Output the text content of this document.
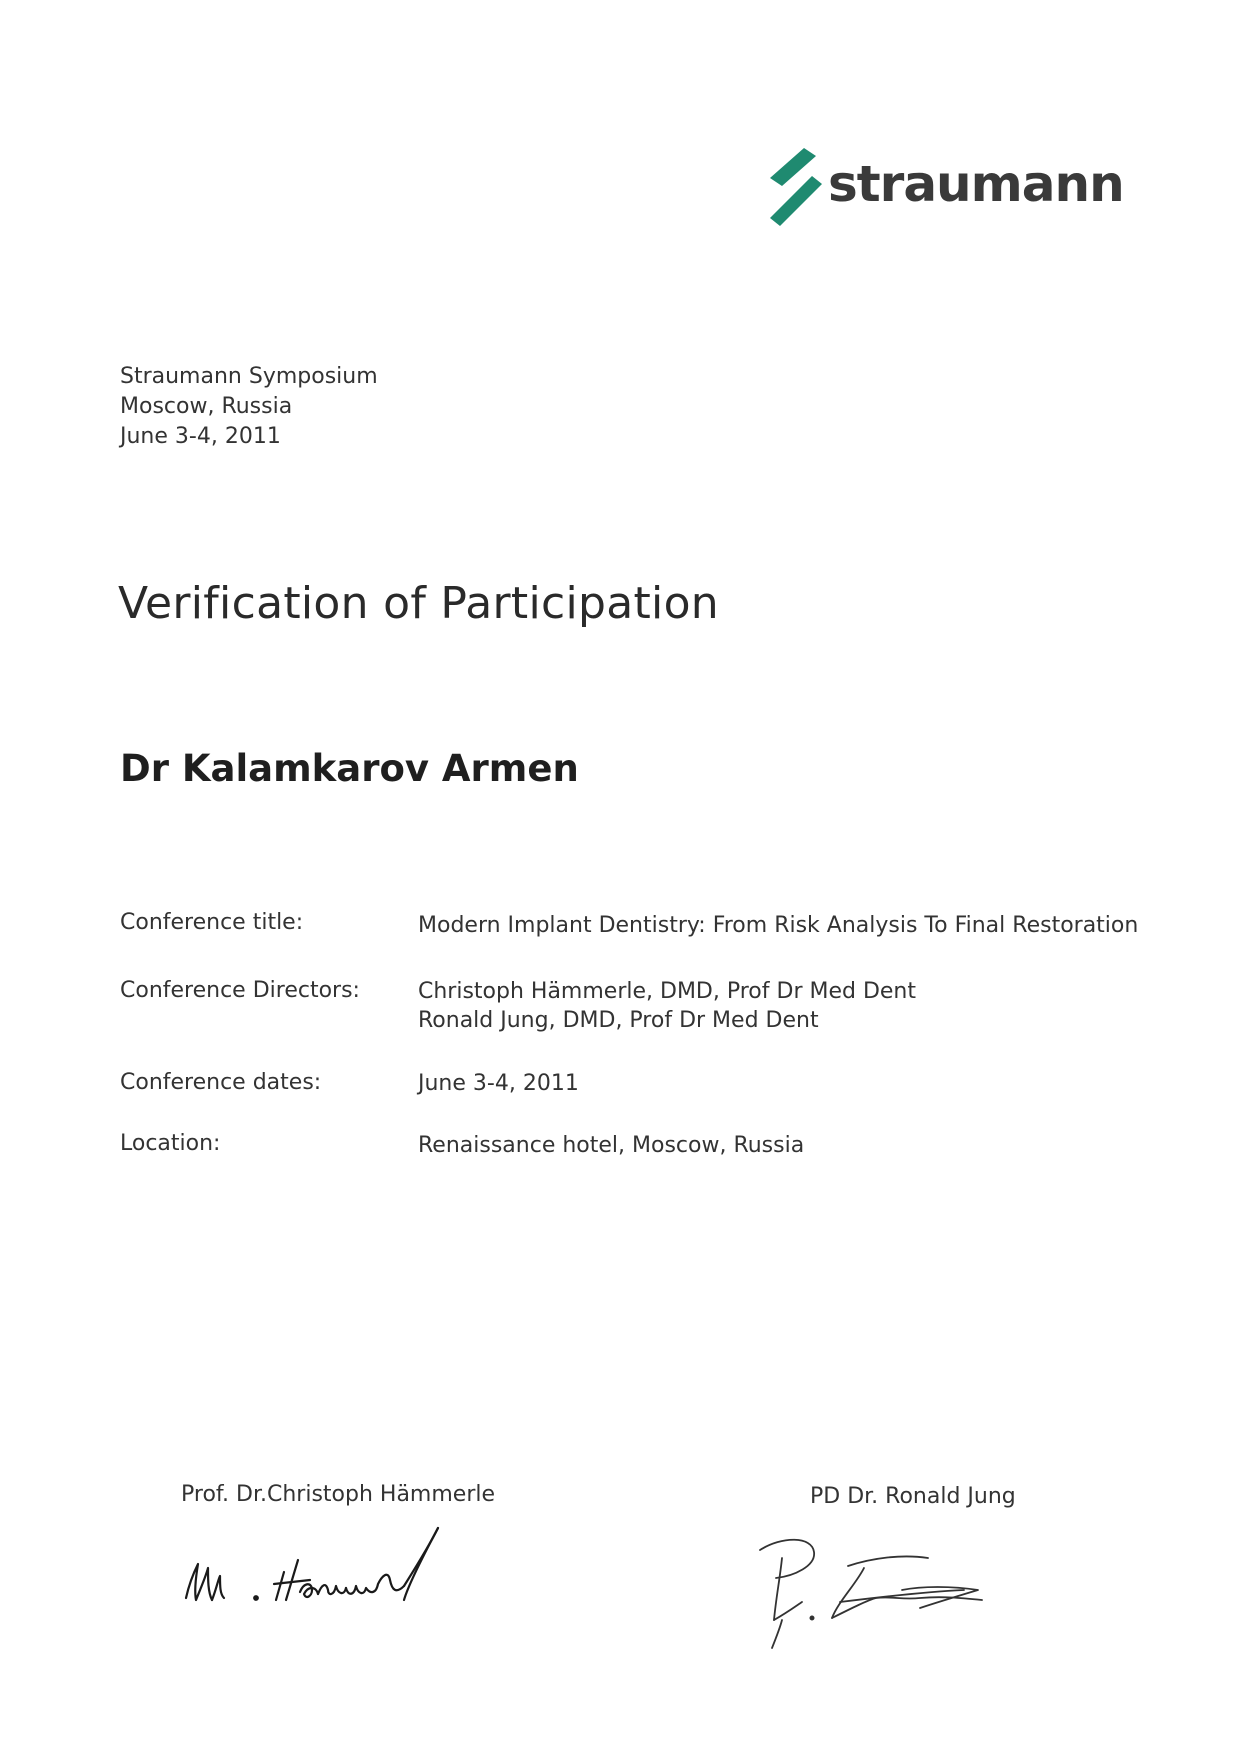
straumann
Straumann Symposium
Moscow, Russia
June 3-4, 2011
Verification of Participation
Dr Kalamkarov Armen
Conference title:	Modern Implant Dentistry: From Risk Analysis To Final Restoration
Conference Directors:	Christoph Hämmerle, DMD, Prof Dr Med Dent
Ronald Jung, DMD, Prof Dr Med Dent
Conference dates:	June 3-4, 2011
Location:	Renaissance hotel, Moscow, Russia
Prof. Dr.Christoph Hämmerle	PD Dr. Ronald Jung
